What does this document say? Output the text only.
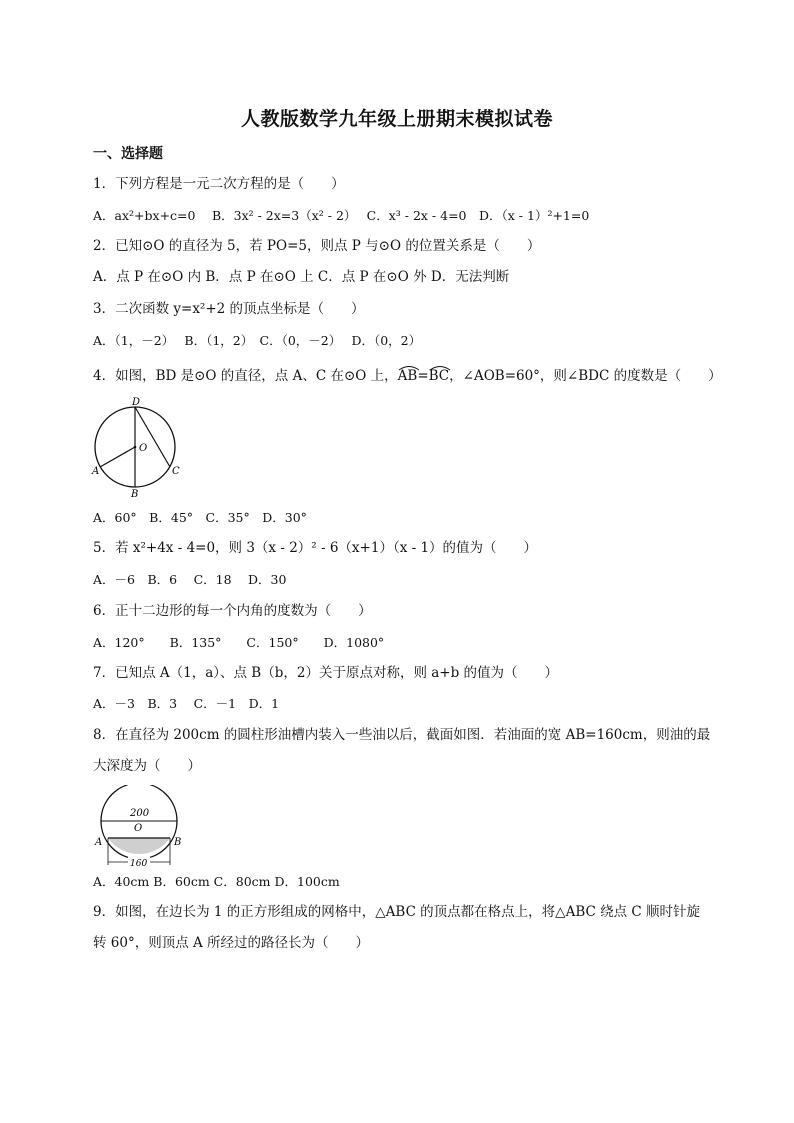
人教版数学九年级上册期末模拟试卷
一、选择题
1．下列方程是一元二次方程的是（　　）
A．ax²+bx+c=0　 B．3x² - 2x=3（x² - 2）　 C．x³ - 2x - 4=0　D．（x - 1）²+1=0
2．已知⊙O 的直径为 5，若 PO=5，则点 P 与⊙O 的位置关系是（　　）
A．点 P 在⊙O 内 B．点 P 在⊙O 上 C．点 P 在⊙O 外 D．无法判断
3．二次函数 y=x²+2 的顶点坐标是（　　）
A．（1，－2）　 B．（1，2）　C．（0，－2）　 D．（0，2）
4．如图，BD 是⊙O 的直径，点 A、C 在⊙O 上，
AB=
BC，∠AOB=60°，则∠BDC 的度数是（　　）
D
O
A
B
C
A．60°　B．45°　C．35°　D．30°
5．若 x²+4x - 4=0，则 3（x - 2）² - 6（x+1）（x - 1）的值为（　　）
A．－6　B．6　 C．18　 D．30
6．正十二边形的每一个内角的度数为（　　）
A．120°　　B．135°　　C．150°　　D．1080°
7．已知点 A（1，a）、点 B（b，2）关于原点对称，则 a+b 的值为（　　）
A．－3　B．3　 C．－1　D．1
8．在直径为 200cm 的圆柱形油槽内装入一些油以后，截面如图．若油面的宽 AB=160cm，则油的最
大深度为（　　）
200
O
A	B
160
A．40cm B．60cm C．80cm D．100cm
9．如图，在边长为 1 的正方形组成的网格中，△ABC 的顶点都在格点上，将△ABC 绕点 C 顺时针旋
转 60°，则顶点 A 所经过的路径长为（　　）
